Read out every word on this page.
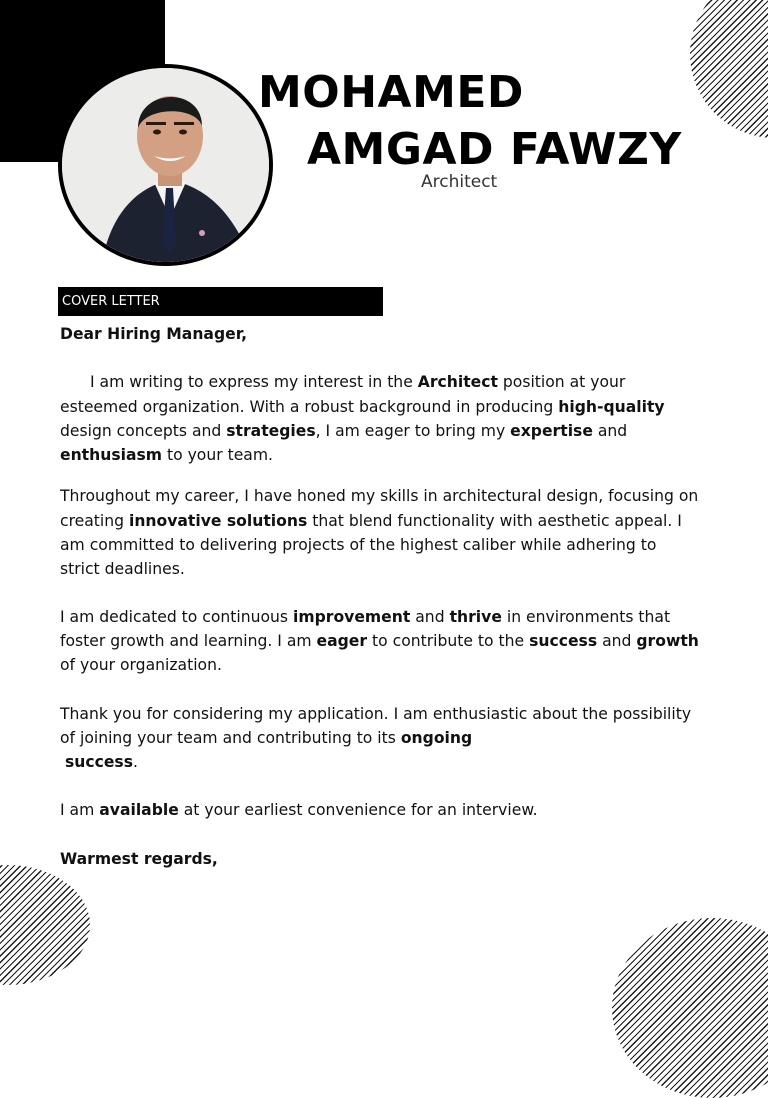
MOHAMED
AMGAD FAWZY
Architect
COVER LETTER

Dear Hiring Manager,

I am writing to express my interest in the Architect position at your esteemed organization. With a robust background in producing high-quality design concepts and strategies, I am eager to bring my expertise and enthusiasm to your team.

Throughout my career, I have honed my skills in architectural design, focusing on creating innovative solutions that blend functionality with aesthetic appeal. I am committed to delivering projects of the highest caliber while adhering to strict deadlines.

I am dedicated to continuous improvement and thrive in environments that foster growth and learning. I am eager to contribute to the success and growth of your organization.

Thank you for considering my application. I am enthusiastic about the possibility of joining your team and contributing to its ongoing
success.

I am available at your earliest convenience for an interview.

Warmest regards,
